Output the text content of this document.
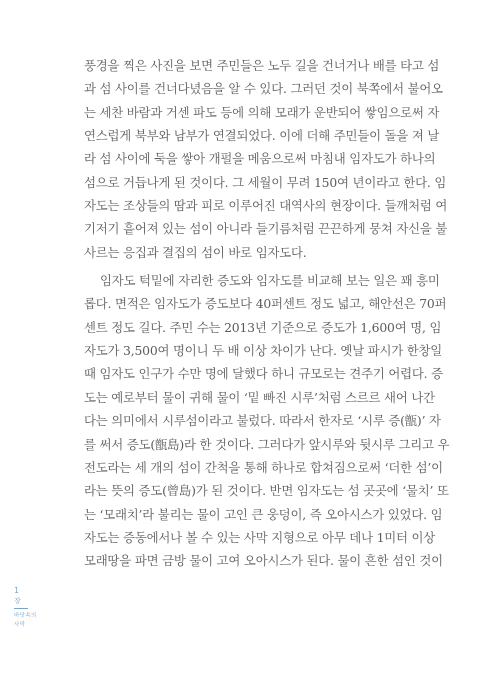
풍경을 찍은 사진을 보면 주민들은 노두 길을 건너거나 배를 타고 섬
과 섬 사이를 건너다녔음을 알 수 있다. 그러던 것이 북쪽에서 불어오
는 세찬 바람과 거센 파도 등에 의해 모래가 운반되어 쌓임으로써 자
연스럽게 북부와 남부가 연결되었다. 이에 더해 주민들이 돌을 져 날
라 섬 사이에 둑을 쌓아 개펄을 메움으로써 마침내 임자도가 하나의
섬으로 거듭나게 된 것이다. 그 세월이 무려 150여 년이라고 한다. 임
자도는 조상들의 땀과 피로 이루어진 대역사의 현장이다. 들깨처럼 여
기저기 흩어져 있는 섬이 아니라 들기름처럼 끈끈하게 뭉쳐 자신을 불
사르는 응집과 결집의 섬이 바로 임자도다.
임자도 턱밑에 자리한 증도와 임자도를 비교해 보는 일은 꽤 흥미
롭다. 면적은 임자도가 증도보다 40퍼센트 정도 넓고, 해안선은 70퍼
센트 정도 길다. 주민 수는 2013년 기준으로 증도가 1,600여 명, 임
자도가 3,500여 명이니 두 배 이상 차이가 난다. 옛날 파시가 한창일
때 임자도 인구가 수만 명에 달했다 하니 규모로는 견주기 어렵다. 증
도는 예로부터 물이 귀해 물이 ‘밑 빠진 시루’처럼 스르르 새어 나간
다는 의미에서 시루섬이라고 불렀다. 따라서 한자로 ‘시루 증(甑)’ 자
를 써서 증도(甑島)라 한 것이다. 그러다가 앞시루와 뒷시루 그리고 우
전도라는 세 개의 섬이 간척을 통해 하나로 합쳐짐으로써 ‘더한 섬’이
라는 뜻의 증도(曾島)가 된 것이다. 반면 임자도는 섬 곳곳에 ‘물치’ 또
는 ‘모래치’라 불리는 물이 고인 큰 웅덩이, 즉 오아시스가 있었다. 임
자도는 증동에서나 볼 수 있는 사막 지형으로 아무 데나 1미터 이상
모래땅을 파면 금방 물이 고여 오아시스가 된다. 물이 흔한 섬인 것이
1
장
바닷속의
사막
